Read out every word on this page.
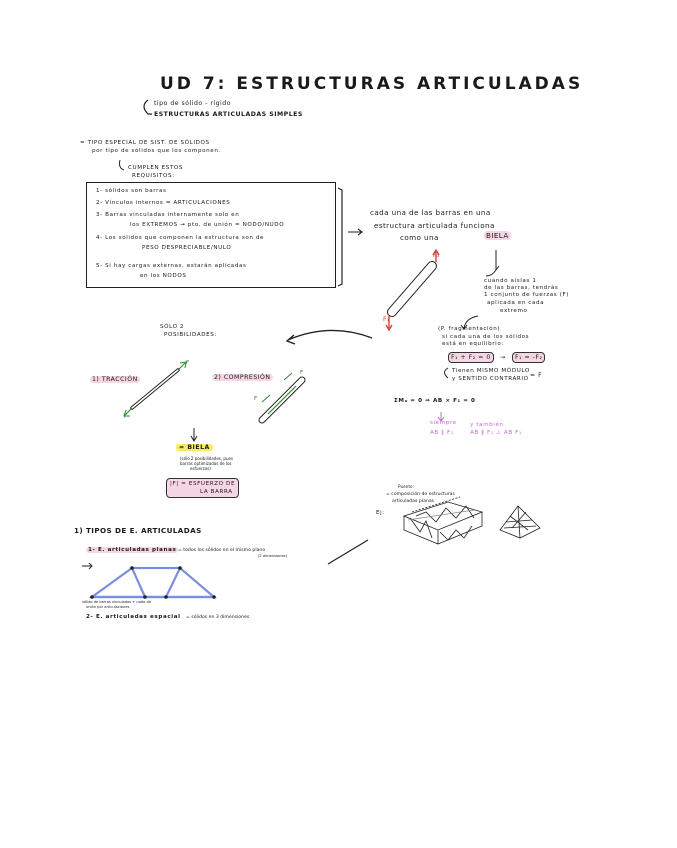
UD 7: ESTRUCTURAS ARTICULADAS
tipo de sólido - rígido
ESTRUCTURAS ARTICULADAS SIMPLES
= TIPO ESPECIAL DE SIST. DE SÓLIDOS
por tipo de sólidos que los componen.
CUMPLEN ESTOS
REQUISITOS:
1- sólidos son barras
2- Vínculos internos = ARTICULACIONES
3- Barras vinculadas internamente solo en
los EXTREMOS → pto. de unión = NODO/NUDO
4- Los sólidos que componen la estructura son de
PESO DESPRECIABLE/NULO
5- Si hay cargas externas, estarán aplicadas
en los NODOS
cada una de las barras en una
estructura articulada funciona
como una	BIELA
F₂
F₁
cuando aislas 1
de las barras, tendrás
1 conjunto de fuerzas (F)
aplicada en cada
extremo
(P. fragmentación)
si cada una de los sólidos
está en equilibrio:
F₁ + F₂ = 0	→	F₁ = -F₂
Tienen MISMO MÓDULO
y SENTIDO CONTRARIO = F
ΣMₐ = 0 ⇒ AB × F₁ = 0
siempre
AB ∥ F₁
y también
AB ∦ F₁ ⊥ AB F₁
SÓLO 2
POSIBILIDADES:
1) TRACCIÓN	2) COMPRESIÓN
F
F
F
F
= BIELA
(sólo 2 posibilidades, pues
barras optimizadas de los
esfuerzos)
|F| = ESFUERZO DE
LA BARRA
1) TIPOS DE E. ARTICULADAS
1- E. articuladas planas = todos los sólidos en el mismo plano
(2 dimensiones)
sólido de barras vinculados + nodo de
unión por articulaciones
2- E. articuladas espacial = sólidos en 3 dimensiones
Puente:
= composición de estructuras
articuladas planas
Ej:
